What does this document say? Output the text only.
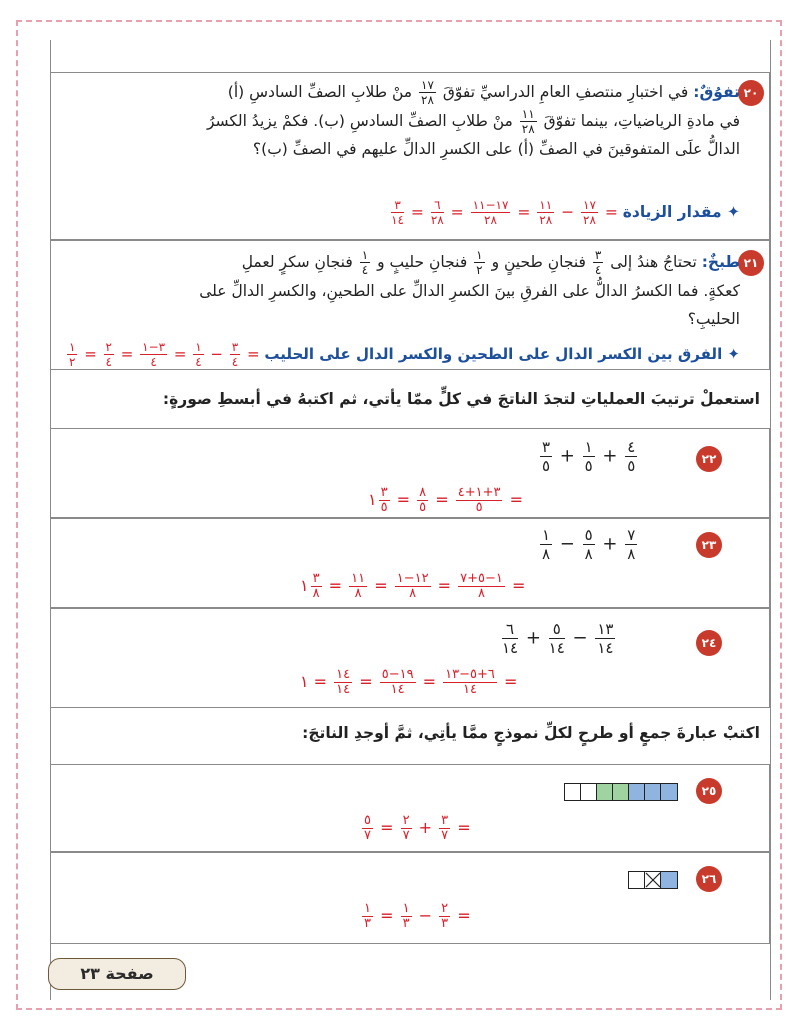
٢٠
تفوُقٌ: في اختبارِ منتصفِ العامِ الدراسيِّ تفوّقَ
$\frac{١٧}{٢٨}$
منْ طلابِ الصفِّ السادسِ (أ)
في مادةِ الرياضياتِ، بينما تفوّقَ
$\frac{١١}{٢٨}$
منْ طلابِ الصفِّ السادسِ (ب). فكمْ يزيدُ الكسرُ
الدالُّ علَى المتفوقينَ في الصفِّ (أ) على الكسرِ الدالِّ عليهم في الصفِّ (ب)؟
✦ مقدار الزيادة
$\frac{٣}{١٤} = \frac{٦}{٢٨} = \frac{١٧-١١}{٢٨} = \frac{١١}{٢٨} - \frac{١٧}{٢٨}$ =
٢١
طبخٌ: تحتاجُ هندُ إلى
$\frac{٣}{٤}$
فنجانِ طحينٍ و
$\frac{١}{٢}$
فنجانِ حليبٍ و
$\frac{١}{٤}$
فنجانِ سكرٍ لعملِ
كعكةٍ. فما الكسرُ الدالُّ على الفرقِ بينَ الكسرِ الدالِّ على الطحينِ، والكسرِ الدالِّ على
الحليبِ؟
✦ الفرق بين الكسر الدال على الطحين والكسر الدال على الحليب
$\frac{١}{٢} = \frac{٢}{٤} = \frac{٣-١}{٤} = \frac{١}{٤} - \frac{٣}{٤}$ =
استعملْ ترتيبَ العملياتِ لتجدَ الناتجَ في كلٍّ ممّا يأتي، ثم اكتبهُ في أبسطِ صورةٍ:
٢٢
$\frac{٣}{٥} + \frac{١}{٥} + \frac{٤}{٥}$
١ $\frac{٣}{٥} = \frac{٨}{٥} = \frac{٣+١+٤}{٥}$ =
٢٣
$\frac{١}{٨} - \frac{٥}{٨} + \frac{٧}{٨}$
١ $\frac{٣}{٨} = \frac{١١}{٨} = \frac{١٢-١}{٨} = \frac{١-٥+٧}{٨}$ =
٢٤
$\frac{٦}{١٤} + \frac{٥}{١٤} - \frac{١٣}{١٤}$
١ = $\frac{١٤}{١٤} = \frac{١٩-٥}{١٤} = \frac{٦+٥-١٣}{١٤}$ =
اكتبْ عبارةَ جمعٍ أو طرحٍ لكلِّ نموذجٍ ممَّا يأتِي، ثمَّ أوجدِ الناتجَ:
٢٥
$\frac{٥}{٧} = \frac{٢}{٧} + \frac{٣}{٧}$ =
٢٦
$\frac{١}{٣} = \frac{١}{٣} - \frac{٢}{٣}$ =
صفحة ٢٣
